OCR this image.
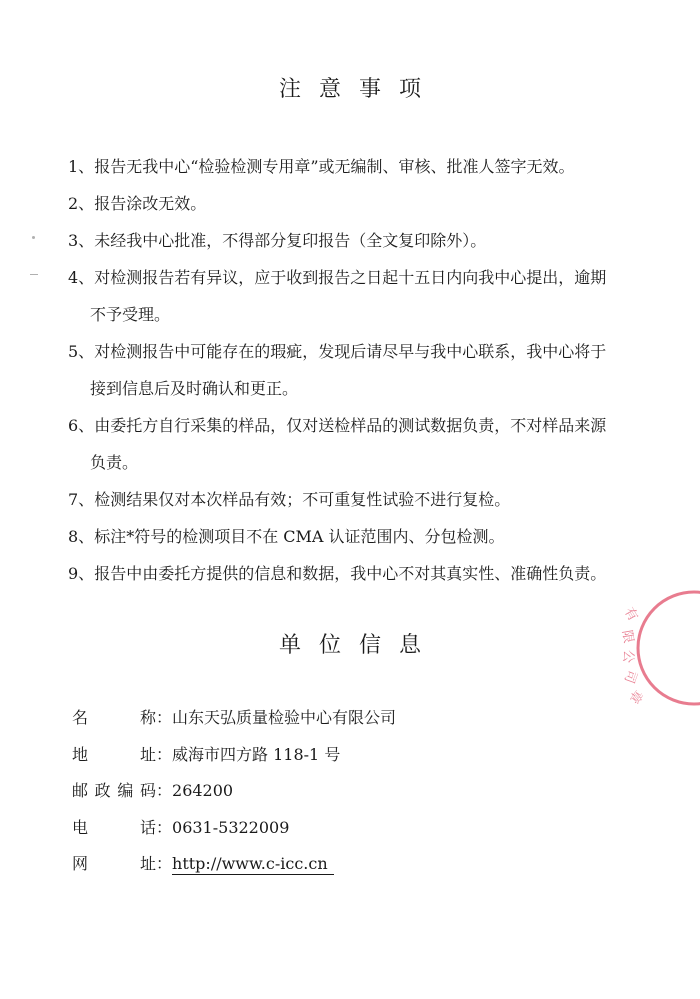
注意事项
1、报告无我中心“检验检测专用章”或无编制、审核、批准人签字无效。
2、报告涂改无效。
3、未经我中心批准，不得部分复印报告（全文复印除外）。
4、对检测报告若有异议，应于收到报告之日起十五日内向我中心提出，逾期
不予受理。
5、对检测报告中可能存在的瑕疵，发现后请尽早与我中心联系，我中心将于
接到信息后及时确认和更正。
6、由委托方自行采集的样品，仅对送检样品的测试数据负责，不对样品来源
负责。
7、检测结果仅对本次样品有效；不可重复性试验不进行复检。
8、标注*符号的检测项目不在 CMA 认证范围内、分包检测。
9、报告中由委托方提供的信息和数据，我中心不对其真实性、准确性负责。
单位信息
名称：山东天弘质量检验中心有限公司
地址：威海市四方路 118-1 号
邮政编码：264200
电话：0631-5322009
网址：http://www.c-icc.cn
有
限
公
司
章
